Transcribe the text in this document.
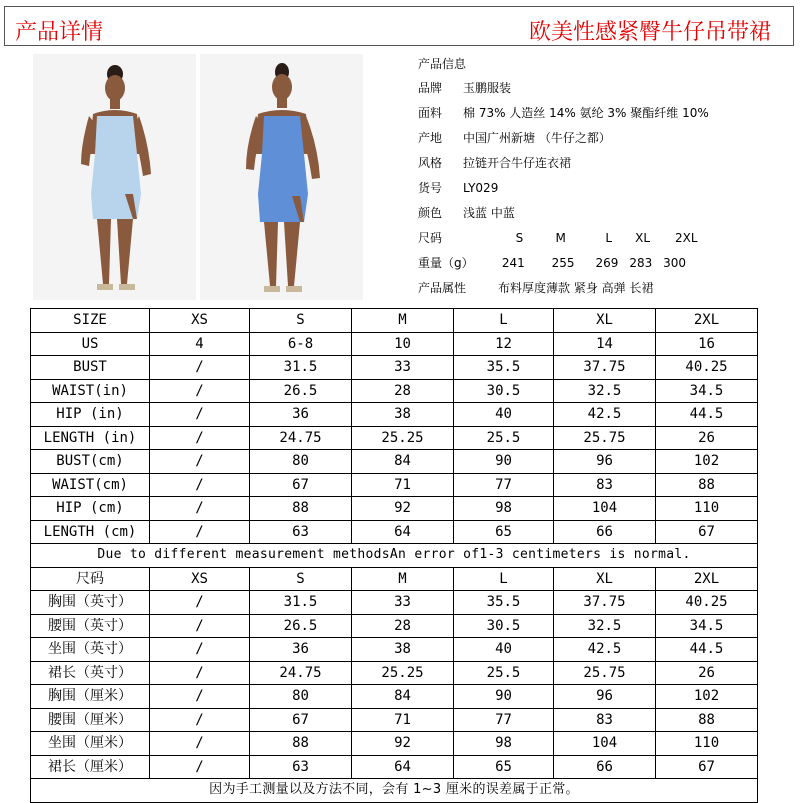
产品详情	欧美性感紧臀牛仔吊带裙
产品信息
品牌 玉鹏服装
面料 棉 73% 人造丝 14% 氨纶 3% 聚酯纤维 10%
产地 中国广州新塘 （牛仔之都）
风格 拉链开合牛仔连衣裙
货号 LY029
颜色 浅蓝 中蓝
尺码	S	M	L XL 2XL
重量（g） 241 255 269 283 300
产品属性	布料厚度薄款 紧身 高弹 长裙
SIZE	XS	S	M	L	XL	2XL
US	4	6-8	10	12	14	16
BUST	/	31.5	33	35.5	37.75	40.25
WAIST(in)	/	26.5	28	30.5	32.5	34.5
HIP (in)	/	36	38	40	42.5	44.5
LENGTH (in)	/	24.75	25.25	25.5	25.75	26
BUST(cm)	/	80	84	90	96	102
WAIST(cm)	/	67	71	77	83	88
HIP (cm)	/	88	92	98	104	110
LENGTH (cm)	/	63	64	65	66	67
Due to different measurement methodsAn error of1-3 centimeters is normal.						
尺码	XS	S	M	L	XL	2XL
胸围（英寸）	/	31.5	33	35.5	37.75	40.25
腰围（英寸）	/	26.5	28	30.5	32.5	34.5
坐围（英寸）	/	36	38	40	42.5	44.5
裙长（英寸）	/	24.75	25.25	25.5	25.75	26
胸围（厘米）	/	80	84	90	96	102
腰围（厘米）	/	67	71	77	83	88
坐围（厘米）	/	88	92	98	104	110
裙长（厘米）	/	63	64	65	66	67
因为手工测量以及方法不同，会有 1~3 厘米的误差属于正常。						
